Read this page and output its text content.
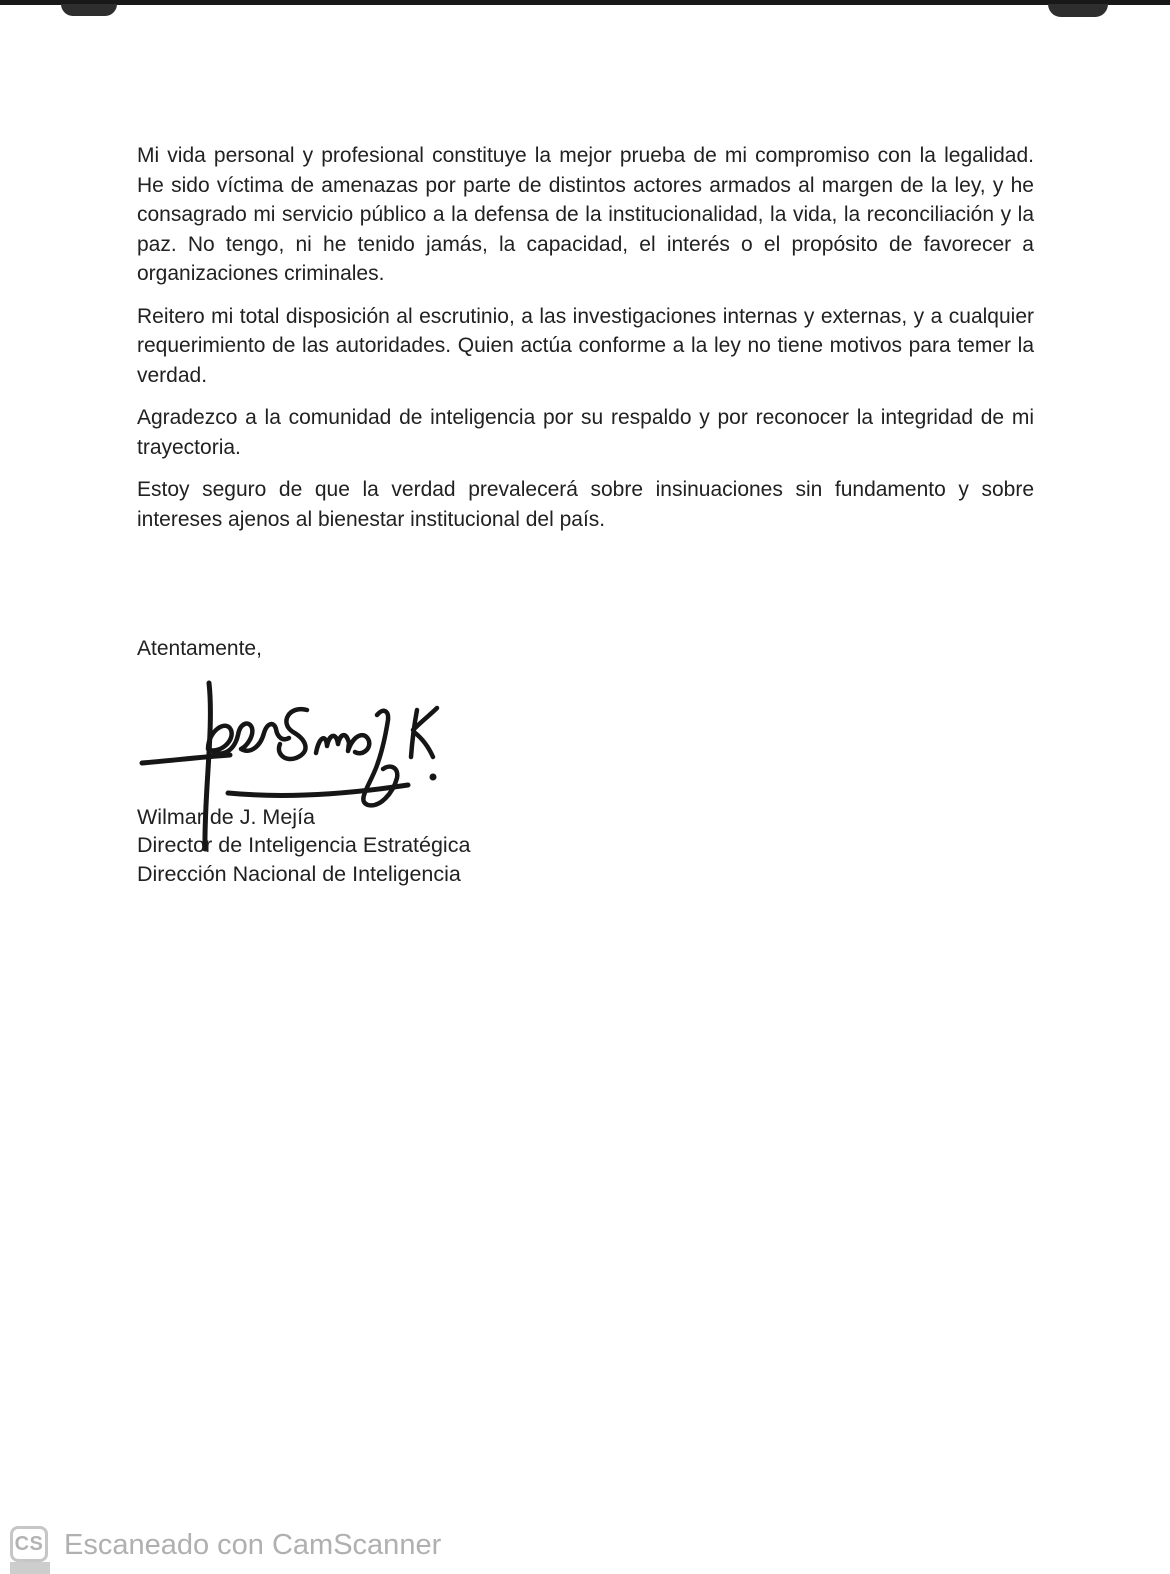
Mi vida personal y profesional constituye la mejor prueba de mi compromiso con la legalidad. He sido víctima de amenazas por parte de distintos actores armados al margen de la ley, y he consagrado mi servicio público a la defensa de la institucionalidad, la vida, la reconciliación y la paz. No tengo, ni he tenido jamás, la capacidad, el interés o el propósito de favorecer a organizaciones criminales.

Reitero mi total disposición al escrutinio, a las investigaciones internas y externas, y a cualquier requerimiento de las autoridades. Quien actúa conforme a la ley no tiene motivos para temer la verdad.

Agradezco a la comunidad de inteligencia por su respaldo y por reconocer la integridad de mi trayectoria.

Estoy seguro de que la verdad prevalecerá sobre insinuaciones sin fundamento y sobre intereses ajenos al bienestar institucional del país.

Atentamente,
Wilmar de J. Mejía
Director de Inteligencia Estratégica
Dirección Nacional de Inteligencia
CS Escaneado con CamScanner
